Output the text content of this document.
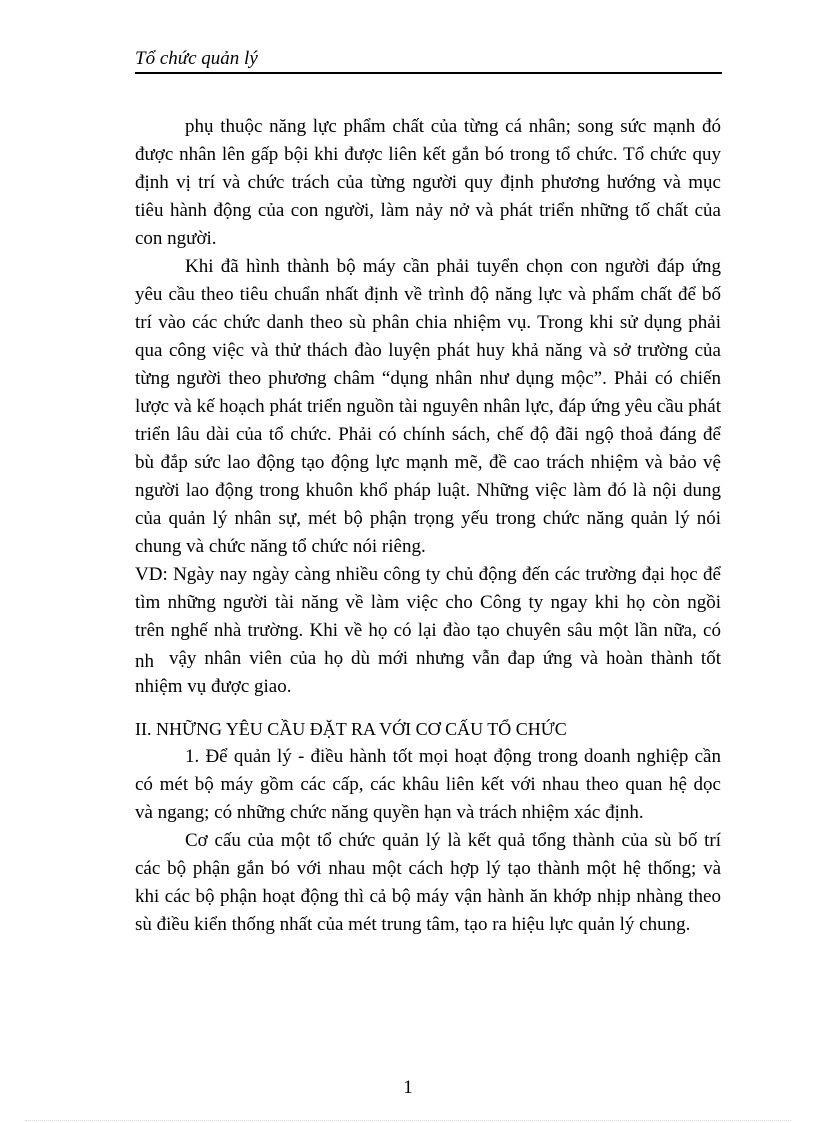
Tổ chức quản lý
phụ thuộc năng lực phẩm chất của từng cá nhân; song sức mạnh đó
được nhân lên gấp bội khi được liên kết gắn bó trong tổ chức. Tổ chức quy
định vị trí và chức trách của từng người quy định phương hướng và mục
tiêu hành động của con người, làm nảy nở và phát triển những tố chất của
con người.
Khi đã hình thành bộ máy cần phải tuyển chọn con người đáp ứng
yêu cầu theo tiêu chuẩn nhất định về trình độ năng lực và phẩm chất để bố
trí vào các chức danh theo sù phân chia nhiệm vụ. Trong khi sử dụng phải
qua công việc và thử thách đào luyện phát huy khả năng và sở trường của
từng người theo phương châm “dụng nhân như dụng mộc”. Phải có chiến
lược và kế hoạch phát triển nguồn tài nguyên nhân lực, đáp ứng yêu cầu phát
triển lâu dài của tổ chức. Phải có chính sách, chế độ đãi ngộ thoả đáng để
bù đắp sức lao động tạo động lực mạnh mẽ, đề cao trách nhiệm và bảo vệ
người lao động trong khuôn khổ pháp luật. Những việc làm đó là nội dung
của quản lý nhân sự, mét bộ phận trọng yếu trong chức năng quản lý nói
chung và chức năng tổ chức nói riêng.
VD: Ngày nay ngày càng nhiều công ty chủ động đến các trường đại học để
tìm những người tài năng về làm việc cho Công ty ngay khi họ còn ngồi
trên nghế nhà trường. Khi về họ có lại đào tạo chuyên sâu một lần nữa, có
nh vậy nhân viên của họ dù mới nhưng vẫn đap ứng và hoàn thành tốt
nhiệm vụ được giao.
II. NHỮNG YÊU CẦU ĐẶT RA VỚI CƠ CẤU TỔ CHỨC
1. Để quản lý - điều hành tốt mọi hoạt động trong doanh nghiệp cần
có mét bộ máy gồm các cấp, các khâu liên kết với nhau theo quan hệ dọc
và ngang; có những chức năng quyền hạn và trách nhiệm xác định.
Cơ cấu của một tổ chức quản lý là kết quả tổng thành của sù bố trí
các bộ phận gắn bó với nhau một cách hợp lý tạo thành một hệ thống; và
khi các bộ phận hoạt động thì cả bộ máy vận hành ăn khớp nhịp nhàng theo
sù điều kiển thống nhất của mét trung tâm, tạo ra hiệu lực quản lý chung.
1
